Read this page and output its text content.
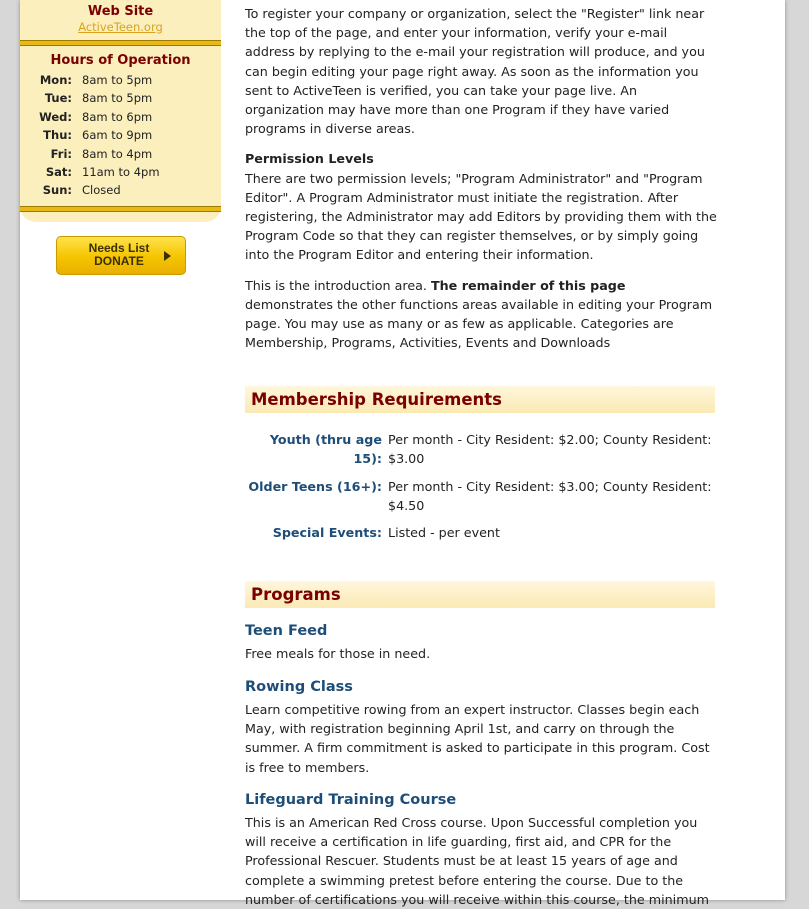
Web Site
ActiveTeen.org
Hours of Operation
Mon: 8am to 5pm
Tue: 8am to 5pm
Wed: 8am to 6pm
Thu: 6am to 9pm
Fri: 8am to 4pm
Sat: 11am to 4pm
Sun: Closed
Needs List
DONATE

To register your company or organization, select the "Register" link near the top of the page, and enter your information, verify your e-mail address by replying to the e-mail your registration will produce, and you can begin editing your page right away. As soon as the information you sent to ActiveTeen is verified, you can take your page live. An organization may have more than one Program if they have varied programs in diverse areas.

Permission Levels

There are two permission levels; "Program Administrator" and "Program Editor". A Program Administrator must initiate the registration. After registering, the Administrator may add Editors by providing them with the Program Code so that they can register themselves, or by simply going into the Program Editor and entering their information.

This is the introduction area. The remainder of this page demonstrates the other functions areas available in editing your Program page. You may use as many or as few as applicable. Categories are Membership, Programs, Activities, Events and Downloads

Membership Requirements
Youth (thru age 15):
Per month - City Resident: $2.00; County Resident: $3.00
Older Teens (16+): Per month - City Resident: $3.00; County Resident: $4.50
Special Events: Listed - per event
Programs
Teen Feed
Free meals for those in need.
Rowing Class
Learn competitive rowing from an expert instructor. Classes begin each May, with registration beginning April 1st, and carry on through the summer. A firm commitment is asked to participate in this program. Cost is free to members.
Lifeguard Training Course
This is an American Red Cross course. Upon Successful completion you will receive a certification in life guarding, first aid, and CPR for the Professional Rescuer. Students must be at least 15 years of age and complete a swimming pretest before entering the course. Due to the number of certifications you will receive within this course, the minimum
